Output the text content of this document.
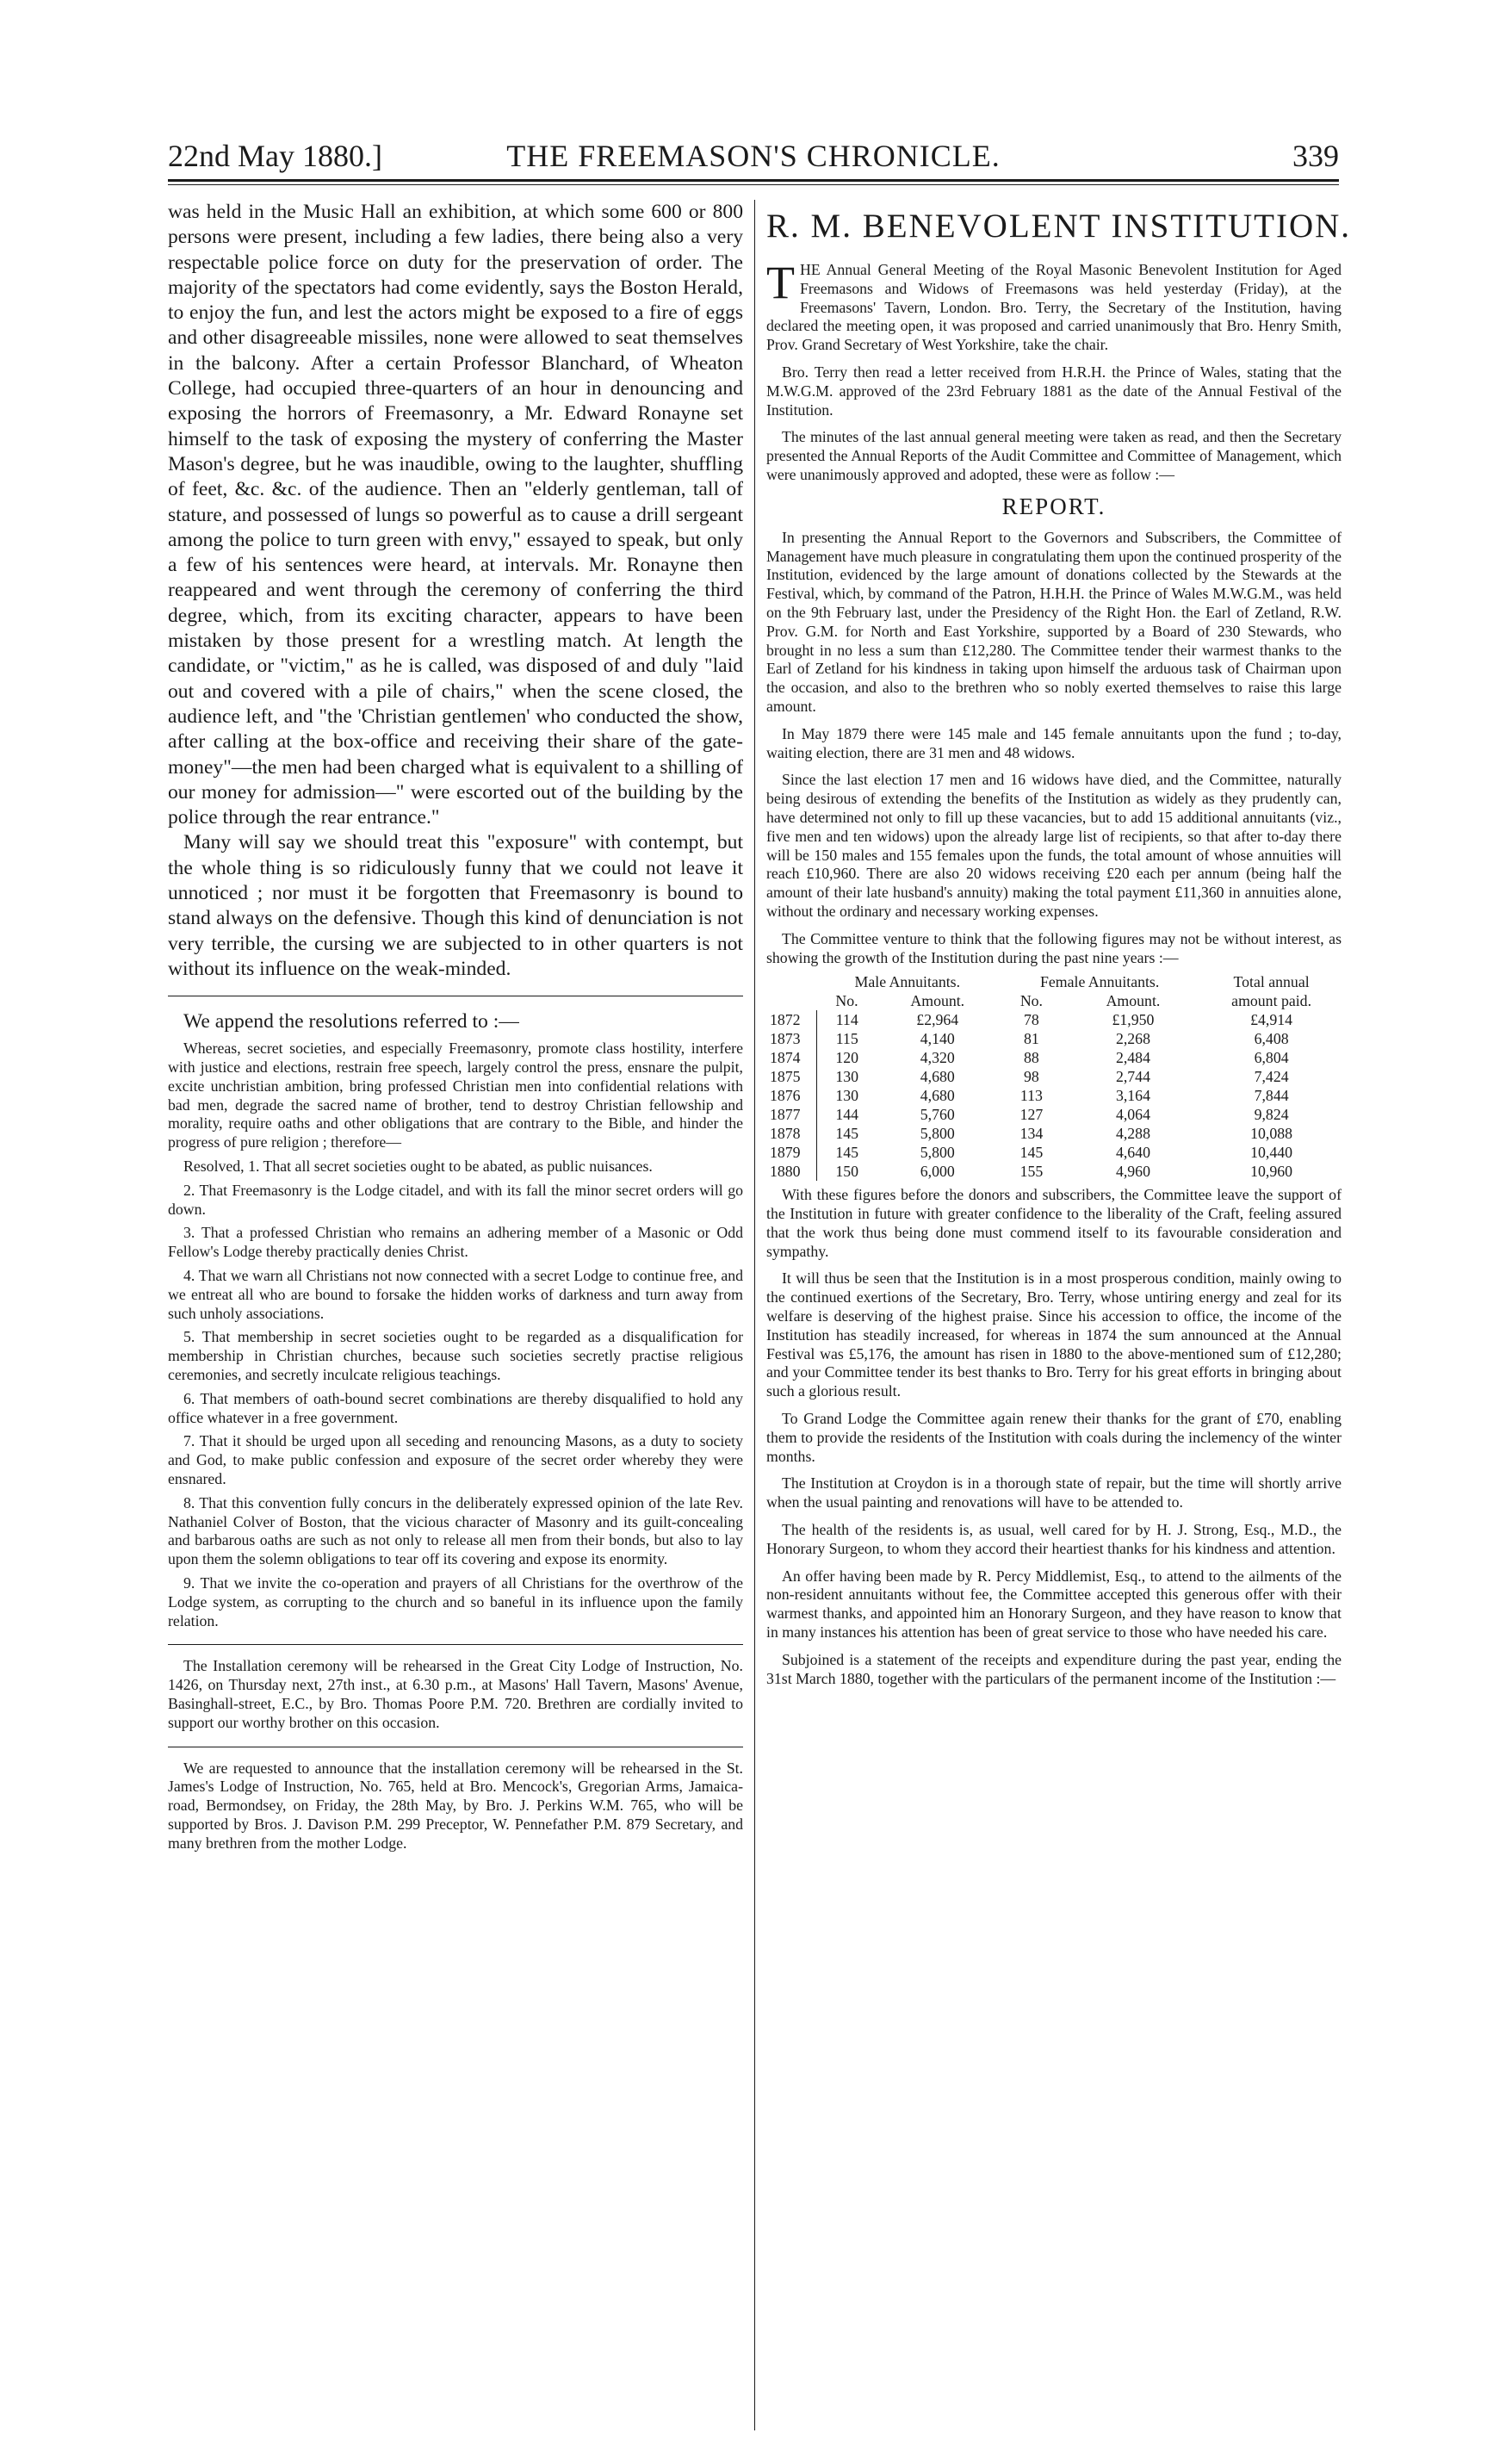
22nd May 1880.]	THE FREEMASON'S CHRONICLE.	339

was held in the Music Hall an exhibition, at which some 600 or 800 persons were present, including a few ladies, there being also a very respectable police force on duty for the preservation of order. The majority of the spectators had come evidently, says the Boston Herald, to enjoy the fun, and lest the actors might be exposed to a fire of eggs and other disagreeable missiles, none were allowed to seat themselves in the balcony. After a certain Professor Blanchard, of Wheaton College, had occupied three-quarters of an hour in denouncing and exposing the horrors of Freemasonry, a Mr. Edward Ronayne set himself to the task of exposing the mystery of conferring the Master Mason's degree, but he was inaudible, owing to the laughter, shuffling of feet, &c. &c. of the audience. Then an "elderly gentleman, tall of stature, and possessed of lungs so powerful as to cause a drill sergeant among the police to turn green with envy," essayed to speak, but only a few of his sentences were heard, at intervals. Mr. Ronayne then reappeared and went through the ceremony of conferring the third degree, which, from its exciting character, appears to have been mistaken by those present for a wrestling match. At length the candidate, or "victim," as he is called, was disposed of and duly "laid out and covered with a pile of chairs," when the scene closed, the audience left, and "the 'Christian gentlemen' who conducted the show, after calling at the box-office and receiving their share of the gate-money"—the men had been charged what is equivalent to a shilling of our money for admission—" were escorted out of the building by the police through the rear entrance."

Many will say we should treat this "exposure" with contempt, but the whole thing is so ridiculously funny that we could not leave it unnoticed ; nor must it be forgotten that Freemasonry is bound to stand always on the defensive. Though this kind of denunciation is not very terrible, the cursing we are subjected to in other quarters is not without its influence on the weak-minded.

We append the resolutions referred to :—

Whereas, secret societies, and especially Freemasonry, promote class hostility, interfere with justice and elections, restrain free speech, largely control the press, ensnare the pulpit, excite unchristian ambition, bring professed Christian men into confidential relations with bad men, degrade the sacred name of brother, tend to destroy Christian fellowship and morality, require oaths and other obligations that are contrary to the Bible, and hinder the progress of pure religion ; therefore—

Resolved, 1. That all secret societies ought to be abated, as public nuisances.

2. That Freemasonry is the Lodge citadel, and with its fall the minor secret orders will go down.

3. That a professed Christian who remains an adhering member of a Masonic or Odd Fellow's Lodge thereby practically denies Christ.

4. That we warn all Christians not now connected with a secret Lodge to continue free, and we entreat all who are bound to forsake the hidden works of darkness and turn away from such unholy associations.

5. That membership in secret societies ought to be regarded as a disqualification for membership in Christian churches, because such societies secretly practise religious ceremonies, and secretly inculcate religious teachings.

6. That members of oath-bound secret combinations are thereby disqualified to hold any office whatever in a free government.

7. That it should be urged upon all seceding and renouncing Masons, as a duty to society and God, to make public confession and exposure of the secret order whereby they were ensnared.

8. That this convention fully concurs in the deliberately expressed opinion of the late Rev. Nathaniel Colver of Boston, that the vicious character of Masonry and its guilt-concealing and barbarous oaths are such as not only to release all men from their bonds, but also to lay upon them the solemn obligations to tear off its covering and expose its enormity.

9. That we invite the co-operation and prayers of all Christians for the overthrow of the Lodge system, as corrupting to the church and so baneful in its influence upon the family relation.

The Installation ceremony will be rehearsed in the Great City Lodge of Instruction, No. 1426, on Thursday next, 27th inst., at 6.30 p.m., at Masons' Hall Tavern, Masons' Avenue, Basinghall-street, E.C., by Bro. Thomas Poore P.M. 720. Brethren are cordially invited to support our worthy brother on this occasion.

We are requested to announce that the installation ceremony will be rehearsed in the St. James's Lodge of Instruction, No. 765, held at Bro. Mencock's, Gregorian Arms, Jamaica-road, Bermondsey, on Friday, the 28th May, by Bro. J. Perkins W.M. 765, who will be supported by Bros. J. Davison P.M. 299 Preceptor, W. Pennefather P.M. 879 Secretary, and many brethren from the mother Lodge.

R. M. BENEVOLENT INSTITUTION.

THE Annual General Meeting of the Royal Masonic Benevolent Institution for Aged Freemasons and Widows of Freemasons was held yesterday (Friday), at the Freemasons' Tavern, London. Bro. Terry, the Secretary of the Institution, having declared the meeting open, it was proposed and carried unanimously that Bro. Henry Smith, Prov. Grand Secretary of West Yorkshire, take the chair.

Bro. Terry then read a letter received from H.R.H. the Prince of Wales, stating that the M.W.G.M. approved of the 23rd February 1881 as the date of the Annual Festival of the Institution.

The minutes of the last annual general meeting were taken as read, and then the Secretary presented the Annual Reports of the Audit Committee and Committee of Management, which were unanimously approved and adopted, these were as follow :—

REPORT.

In presenting the Annual Report to the Governors and Subscribers, the Committee of Management have much pleasure in congratulating them upon the continued prosperity of the Institution, evidenced by the large amount of donations collected by the Stewards at the Festival, which, by command of the Patron, H.H.H. the Prince of Wales M.W.G.M., was held on the 9th February last, under the Presidency of the Right Hon. the Earl of Zetland, R.W. Prov. G.M. for North and East Yorkshire, supported by a Board of 230 Stewards, who brought in no less a sum than £12,280. The Committee tender their warmest thanks to the Earl of Zetland for his kindness in taking upon himself the arduous task of Chairman upon the occasion, and also to the brethren who so nobly exerted themselves to raise this large amount.

In May 1879 there were 145 male and 145 female annuitants upon the fund ; to-day, waiting election, there are 31 men and 48 widows.

Since the last election 17 men and 16 widows have died, and the Committee, naturally being desirous of extending the benefits of the Institution as widely as they prudently can, have determined not only to fill up these vacancies, but to add 15 additional annuitants (viz., five men and ten widows) upon the already large list of recipients, so that after to-day there will be 150 males and 155 females upon the funds, the total amount of whose annuities will reach £10,960. There are also 20 widows receiving £20 each per annum (being half the amount of their late husband's annuity) making the total payment £11,360 in annuities alone, without the ordinary and necessary working expenses.

The Committee venture to think that the following figures may not be without interest, as showing the growth of the Institution during the past nine years :—

	Male Annuitants.		Female Annuitants.		Total annual
	No.	Amount.	No.	Amount.	amount paid.
1872	114	£2,964	78	£1,950	£4,914
1873	115	4,140	81	2,268	6,408
1874	120	4,320	88	2,484	6,804
1875	130	4,680	98	2,744	7,424
1876	130	4,680	113	3,164	7,844
1877	144	5,760	127	4,064	9,824
1878	145	5,800	134	4,288	10,088
1879	145	5,800	145	4,640	10,440
1880	150	6,000	155	4,960	10,960

With these figures before the donors and subscribers, the Committee leave the support of the Institution in future with greater confidence to the liberality of the Craft, feeling assured that the work thus being done must commend itself to its favourable consideration and sympathy.

It will thus be seen that the Institution is in a most prosperous condition, mainly owing to the continued exertions of the Secretary, Bro. Terry, whose untiring energy and zeal for its welfare is deserving of the highest praise. Since his accession to office, the income of the Institution has steadily increased, for whereas in 1874 the sum announced at the Annual Festival was £5,176, the amount has risen in 1880 to the above-mentioned sum of £12,280; and your Committee tender its best thanks to Bro. Terry for his great efforts in bringing about such a glorious result.

To Grand Lodge the Committee again renew their thanks for the grant of £70, enabling them to provide the residents of the Institution with coals during the inclemency of the winter months.

The Institution at Croydon is in a thorough state of repair, but the time will shortly arrive when the usual painting and renovations will have to be attended to.

The health of the residents is, as usual, well cared for by H. J. Strong, Esq., M.D., the Honorary Surgeon, to whom they accord their heartiest thanks for his kindness and attention.

An offer having been made by R. Percy Middlemist, Esq., to attend to the ailments of the non-resident annuitants without fee, the Committee accepted this generous offer with their warmest thanks, and appointed him an Honorary Surgeon, and they have reason to know that in many instances his attention has been of great service to those who have needed his care.

Subjoined is a statement of the receipts and expenditure during the past year, ending the 31st March 1880, together with the particulars of the permanent income of the Institution :—
